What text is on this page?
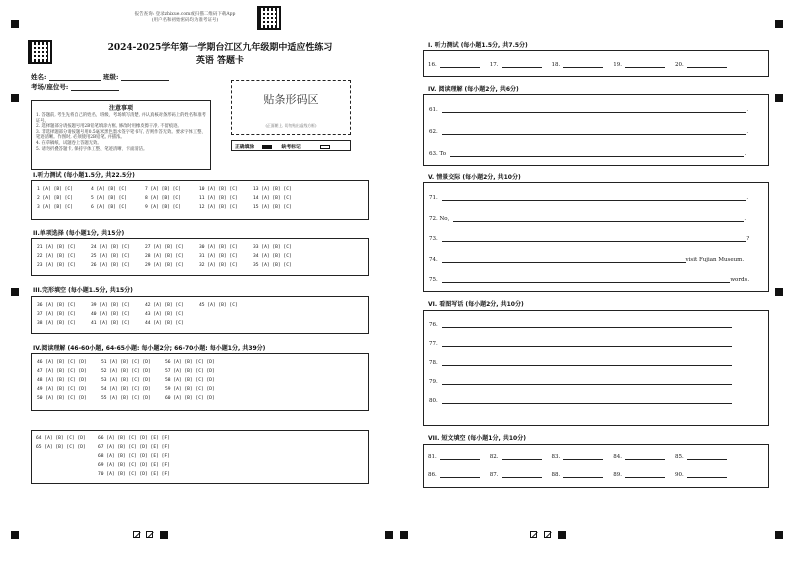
报告查询: 登录zhixue.com或扫描二维码下载App
(用户名和初始密码均为准考证号)
2024-2025学年第一学期台江区九年级期中适应性练习
英语 答题卡
姓名:	班级:
考场/座位号:
注意事项
1. 答题前, 考生先将自己的姓名、班级、考场填写清楚, 并认真核对条形码上的姓名和准考证号。
2. 选择题部分请按题号用2B铅笔填涂方框, 修改时用橡皮擦干净, 不留痕迹。
3. 非选择题部分请按题号用0.5毫米黑色墨水签字笔书写, 否则作答无效。要求字体工整、笔迹清晰。作图时, 必须使用2B铅笔, 并描浓。
4. 在草稿纸、试题卷上答题无效。
5. 请勿折叠答题卡, 保持字体工整、笔迹清晰、卡面清洁。
贴条形码区
(正面朝上, 切勿贴出虚线方框)
正确填涂	缺考标记
I.听力测试 (每小题1.5分, 共22.5分)
1 [A] [B] [C]
2 [A] [B] [C]
3 [A] [B] [C]
4 [A] [B] [C]
5 [A] [B] [C]
6 [A] [B] [C]
7 [A] [B] [C]
8 [A] [B] [C]
9 [A] [B] [C]
10 [A] [B] [C]
11 [A] [B] [C]
12 [A] [B] [C]
13 [A] [B] [C]
14 [A] [B] [C]
15 [A] [B] [C]
II.单项选择 (每小题1分, 共15分)
21 [A] [B] [C]
22 [A] [B] [C]
23 [A] [B] [C]
24 [A] [B] [C]
25 [A] [B] [C]
26 [A] [B] [C]
27 [A] [B] [C]
28 [A] [B] [C]
29 [A] [B] [C]
30 [A] [B] [C]
31 [A] [B] [C]
32 [A] [B] [C]
33 [A] [B] [C]
34 [A] [B] [C]
35 [A] [B] [C]
III.完形填空 (每小题1.5分, 共15分)
36 [A] [B] [C]
37 [A] [B] [C]
38 [A] [B] [C]
39 [A] [B] [C]
40 [A] [B] [C]
41 [A] [B] [C]
42 [A] [B] [C]
43 [A] [B] [C]
44 [A] [B] [C]
45 [A] [B] [C]
IV.阅读理解 (46-60小题, 64-65小题: 每小题2分; 66-70小题: 每小题1分, 共39分)
46 [A] [B] [C] [D]
47 [A] [B] [C] [D]
48 [A] [B] [C] [D]
49 [A] [B] [C] [D]
50 [A] [B] [C] [D]
51 [A] [B] [C] [D]
52 [A] [B] [C] [D]
53 [A] [B] [C] [D]
54 [A] [B] [C] [D]
55 [A] [B] [C] [D]
56 [A] [B] [C] [D]
57 [A] [B] [C] [D]
58 [A] [B] [C] [D]
59 [A] [B] [C] [D]
60 [A] [B] [C] [D]
64 [A] [B] [C] [D]
65 [A] [B] [C] [D]
66 [A] [B] [C] [D] [E] [F]
67 [A] [B] [C] [D] [E] [F]
68 [A] [B] [C] [D] [E] [F]
69 [A] [B] [C] [D] [E] [F]
70 [A] [B] [C] [D] [E] [F]
I. 听力测试 (每小题1.5分, 共7.5分)
16.	17.	18.	19.	20.
IV. 阅读理解 (每小题2分, 共6分)
61.	.
62.	.
63. To	.
V. 情景交际 (每小题2分, 共10分)
71.	.
72. No,	.
73.	?
74.	visit Fujian Museum.
75.	words.
VI. 看图写话 (每小题2分, 共10分)
76.
77.
78.
79.
80.
VII. 短文填空 (每小题1分, 共10分)
81.	82.	83.	84.	85.
86.	87.	88.	89.	90.
